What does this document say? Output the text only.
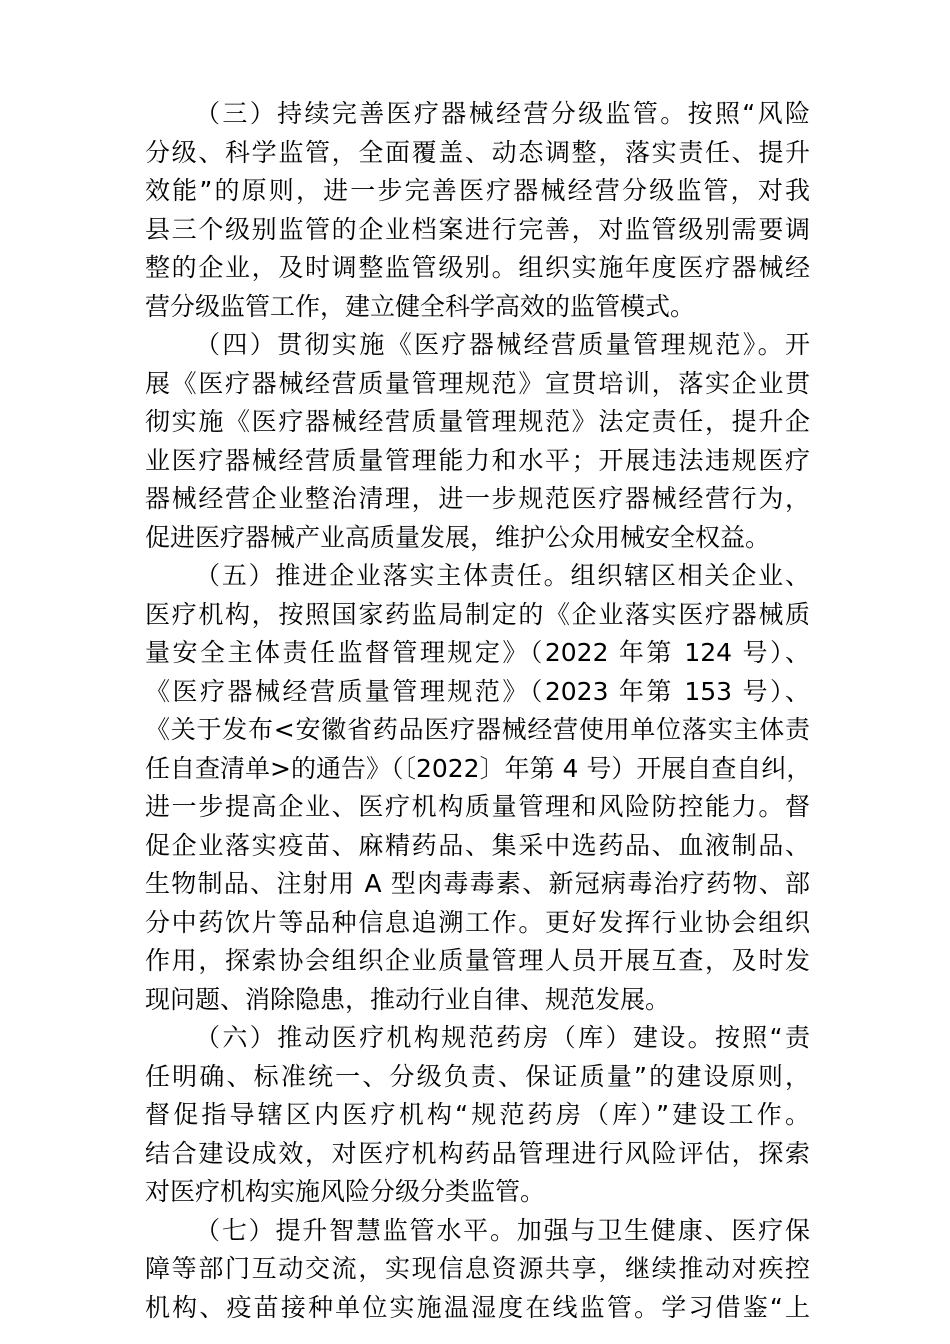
（三）持续完善医疗器械经营分级监管。按照“风险
分级、科学监管，全面覆盖、动态调整，落实责任、提升
效能”的原则，进一步完善医疗器械经营分级监管，对我
县三个级别监管的企业档案进行完善，对监管级别需要调
整的企业，及时调整监管级别。组织实施年度医疗器械经
营分级监管工作，建立健全科学高效的监管模式。
（四）贯彻实施《医疗器械经营质量管理规范》。开
展《医疗器械经营质量管理规范》宣贯培训，落实企业贯
彻实施《医疗器械经营质量管理规范》法定责任，提升企
业医疗器械经营质量管理能力和水平；开展违法违规医疗
器械经营企业整治清理，进一步规范医疗器械经营行为，
促进医疗器械产业高质量发展，维护公众用械安全权益。
（五）推进企业落实主体责任。组织辖区相关企业、
医疗机构，按照国家药监局制定的《企业落实医疗器械质
量安全主体责任监督管理规定》（2022 年第 124 号）、
《医疗器械经营质量管理规范》（2023 年第 153 号）、
《关于发布<安徽省药品医疗器械经营使用单位落实主体责
任自查清单>的通告》（〔2022〕年第 4 号）开展自查自纠，
进一步提高企业、医疗机构质量管理和风险防控能力。督
促企业落实疫苗、麻精药品、集采中选药品、血液制品、
生物制品、注射用 A 型肉毒毒素、新冠病毒治疗药物、部
分中药饮片等品种信息追溯工作。更好发挥行业协会组织
作用，探索协会组织企业质量管理人员开展互查，及时发
现问题、消除隐患，推动行业自律、规范发展。
（六）推动医疗机构规范药房（库）建设。按照“责
任明确、标准统一、分级负责、保证质量”的建设原则，
督促指导辖区内医疗机构“规范药房（库）”建设工作。
结合建设成效，对医疗机构药品管理进行风险评估，探索
对医疗机构实施风险分级分类监管。
（七）提升智慧监管水平。加强与卫生健康、医疗保
障等部门互动交流，实现信息资源共享，继续推动对疾控
机构、疫苗接种单位实施温湿度在线监管。学习借鉴“上
